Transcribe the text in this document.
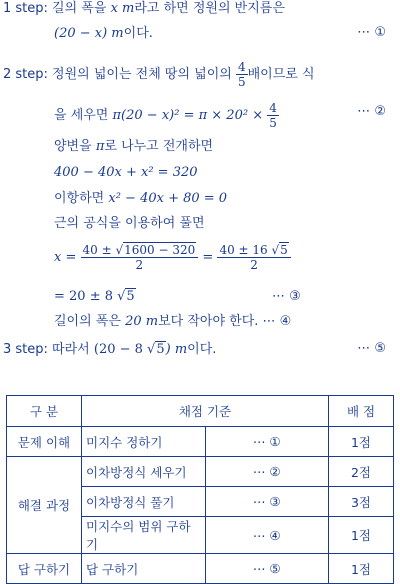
1 step: 길의 폭을 x m라고 하면 정원의 반지름은
(20 − x) m이다.	⋯ ①
2 step: 정원의 넓이는 전체 땅의 넓이의 $\frac{4}{5}$ 배이므로 식
을 세우면 $\pi(20 - x)^2 = \pi \times 20^2 \times \frac{4}{5}$	⋯ ②
양변을 π로 나누고 전개하면
400 − 40x + x² = 320
이항하면 x² − 40x + 80 = 0
근의 공식을 이용하여 풀면
$x = \frac{40 \pm √1600 - 320}{2} = \frac{40 \pm 16 √5}{2}$
= 20 ± 8 √5	⋯ ③
길이의 폭은 20 m보다 작아야 한다. ⋯ ④
3 step: 따라서 (20 − 8 √5) m이다.	⋯ ⑤
구 분	채점 기준		배 점
문제 이해	미지수 정하기	⋯ ①	1점
해결 과정	이차방정식 세우기	⋯ ②	2점
	이차방정식 풀기	⋯ ③	3점
	미지수의 범위 구하기	⋯ ④	1점
답 구하기	답 구하기	⋯ ⑤	1점
